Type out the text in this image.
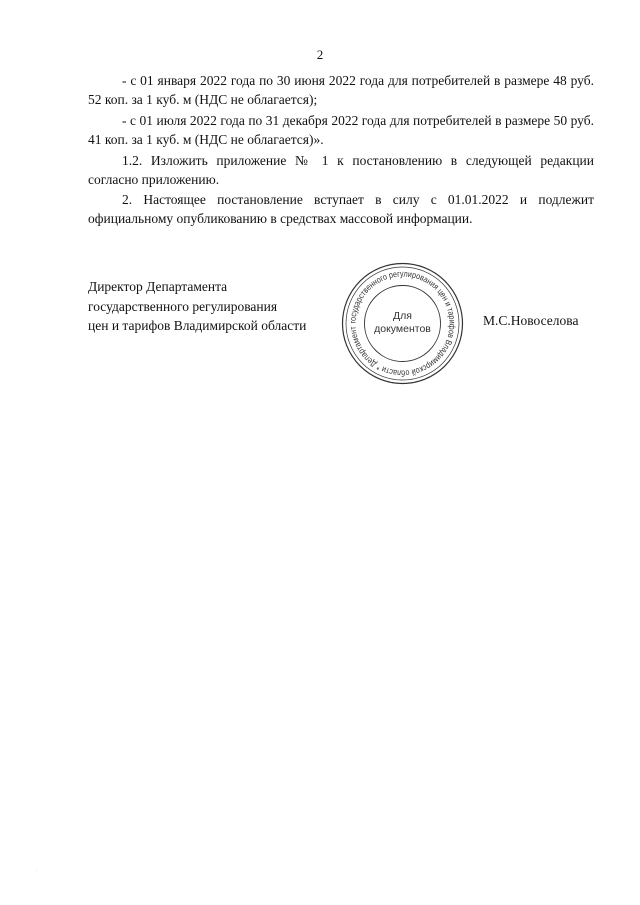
2

- с 01 января 2022 года по 30 июня 2022 года для потребителей в размере 48 руб. 52 коп. за 1 куб. м (НДС не облагается);

- с 01 июля 2022 года по 31 декабря 2022 года для потребителей в размере 50 руб. 41 коп. за 1 куб. м (НДС не облагается)».

1.2. Изложить приложение № 1 к постановлению в следующей редакции согласно приложению.

2. Настоящее постановление вступает в силу с 01.01.2022 и подлежит официальному опубликованию в средствах массовой информации.

Директор Департамента
государственного регулирования
цен и тарифов Владимирской области	государственного регулирования цен и тарифов Владимирской области * Департамент
Для
документов
М.С.Новоселова
·
